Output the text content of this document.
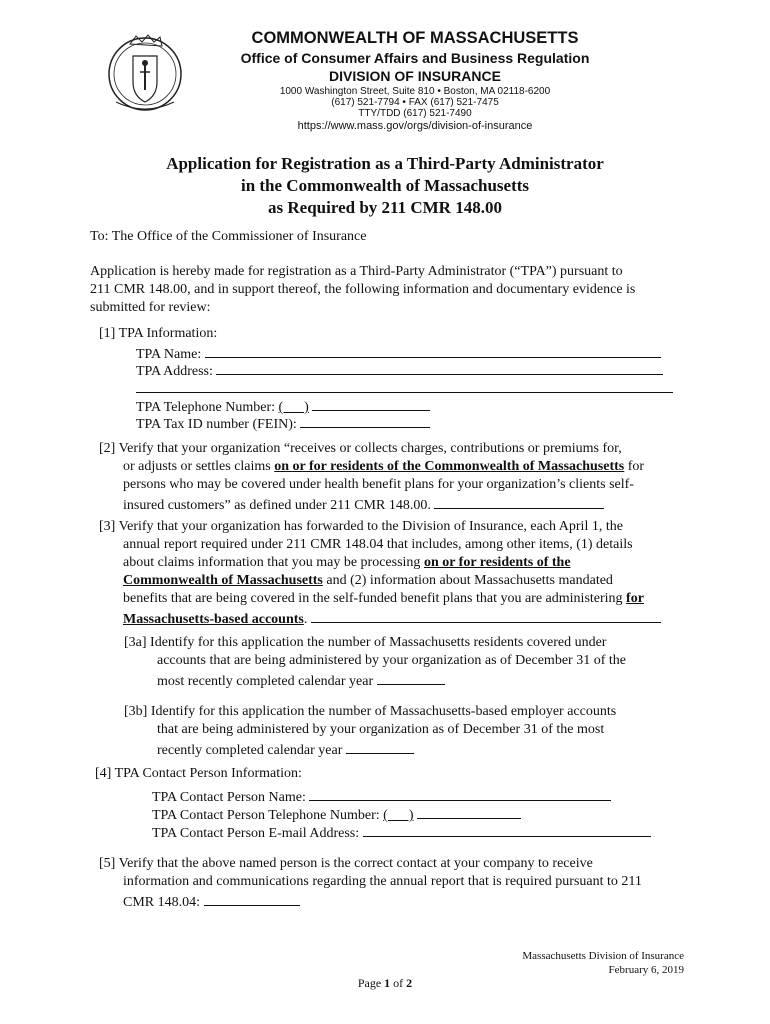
COMMONWEALTH OF MASSACHUSETTS
Office of Consumer Affairs and Business Regulation
DIVISION OF INSURANCE
1000 Washington Street, Suite 810 • Boston, MA 02118-6200
(617) 521-7794 • FAX (617) 521-7475
TTY/TDD (617) 521-7490
https://www.mass.gov/orgs/division-of-insurance
Application for Registration as a Third-Party Administrator
in the Commonwealth of Massachusetts
as Required by 211 CMR 148.00
To: The Office of the Commissioner of Insurance
Application is hereby made for registration as a Third-Party Administrator (“TPA”) pursuant to
211 CMR 148.00, and in support thereof, the following information and documentary evidence is
submitted for review:
[1] TPA Information:
TPA Name:
TPA Address:
TPA Telephone Number: (      )
TPA Tax ID number (FEIN):
[2] Verify that your organization “receives or collects charges, contributions or premiums for,
or adjusts or settles claims on or for residents of the Commonwealth of Massachusetts for
persons who may be covered under health benefit plans for your organization’s clients self-
insured customers” as defined under 211 CMR 148.00.
[3] Verify that your organization has forwarded to the Division of Insurance, each April 1, the
annual report required under 211 CMR 148.04 that includes, among other items, (1) details
about claims information that you may be processing on or for residents of the
Commonwealth of Massachusetts and (2) information about Massachusetts mandated
benefits that are being covered in the self-funded benefit plans that you are administering for
Massachusetts-based accounts.
[3a] Identify for this application the number of Massachusetts residents covered under
accounts that are being administered by your organization as of December 31 of the
most recently completed calendar year
[3b] Identify for this application the number of Massachusetts-based employer accounts
that are being administered by your organization as of December 31 of the most
recently completed calendar year
[4] TPA Contact Person Information:
TPA Contact Person Name:
TPA Contact Person Telephone Number: (      )
TPA Contact Person E-mail Address:
[5] Verify that the above named person is the correct contact at your company to receive
information and communications regarding the annual report that is required pursuant to 211
CMR 148.04:
Massachusetts Division of Insurance
February 6, 2019
Page 1 of 2
